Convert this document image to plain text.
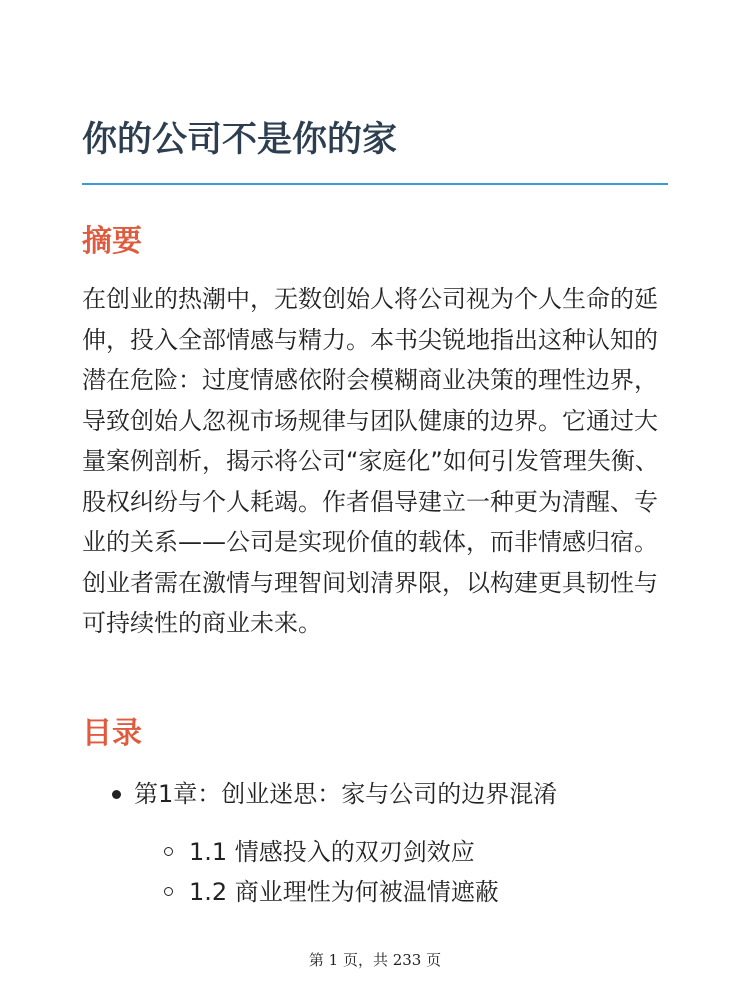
你的公司不是你的家
摘要

在创业的热潮中，无数创始人将公司视为个人生命的延伸，投入全部情感与精力。本书尖锐地指出这种认知的潜在危险：过度情感依附会模糊商业决策的理性边界，导致创始人忽视市场规律与团队健康的边界。它通过大量案例剖析，揭示将公司“家庭化”如何引发管理失衡、股权纠纷与个人耗竭。作者倡导建立一种更为清醒、专业的关系——公司是实现价值的载体，而非情感归宿。创业者需在激情与理智间划清界限，以构建更具韧性与可持续性的商业未来。

目录
第1章：创业迷思：家与公司的边界混淆
1.1 情感投入的双刃剑效应
1.2 商业理性为何被温情遮蔽
第 1 页，共 233 页
